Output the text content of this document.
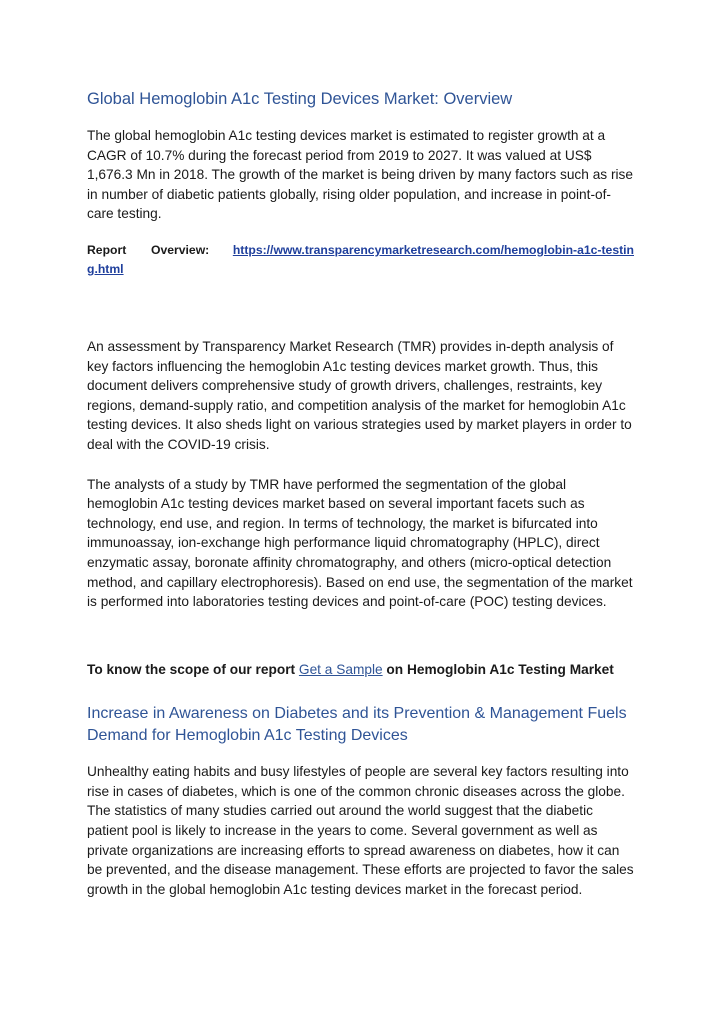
Global Hemoglobin A1c Testing Devices Market: Overview

The global hemoglobin A1c testing devices market is estimated to register growth at a CAGR of 10.7% during the forecast period from 2019 to 2027. It was valued at US$ 1,676.3 Mn in 2018. The growth of the market is being driven by many factors such as rise in number of diabetic patients globally, rising older population, and increase in point-of-care testing.

Report Overview: https://www.transparencymarketresearch.com/hemoglobin-a1c-testing.html

An assessment by Transparency Market Research (TMR) provides in-depth analysis of key factors influencing the hemoglobin A1c testing devices market growth. Thus, this document delivers comprehensive study of growth drivers, challenges, restraints, key regions, demand-supply ratio, and competition analysis of the market for hemoglobin A1c testing devices. It also sheds light on various strategies used by market players in order to deal with the COVID-19 crisis.

The analysts of a study by TMR have performed the segmentation of the global hemoglobin A1c testing devices market based on several important facets such as technology, end use, and region. In terms of technology, the market is bifurcated into immunoassay, ion-exchange high performance liquid chromatography (HPLC), direct enzymatic assay, boronate affinity chromatography, and others (micro-optical detection method, and capillary electrophoresis). Based on end use, the segmentation of the market is performed into laboratories testing devices and point-of-care (POC) testing devices.

To know the scope of our report Get a Sample on Hemoglobin A1c Testing Market
Increase in Awareness on Diabetes and its Prevention & Management Fuels Demand for Hemoglobin A1c Testing Devices

Unhealthy eating habits and busy lifestyles of people are several key factors resulting into rise in cases of diabetes, which is one of the common chronic diseases across the globe. The statistics of many studies carried out around the world suggest that the diabetic patient pool is likely to increase in the years to come. Several government as well as private organizations are increasing efforts to spread awareness on diabetes, how it can be prevented, and the disease management. These efforts are projected to favor the sales growth in the global hemoglobin A1c testing devices market in the forecast period.
